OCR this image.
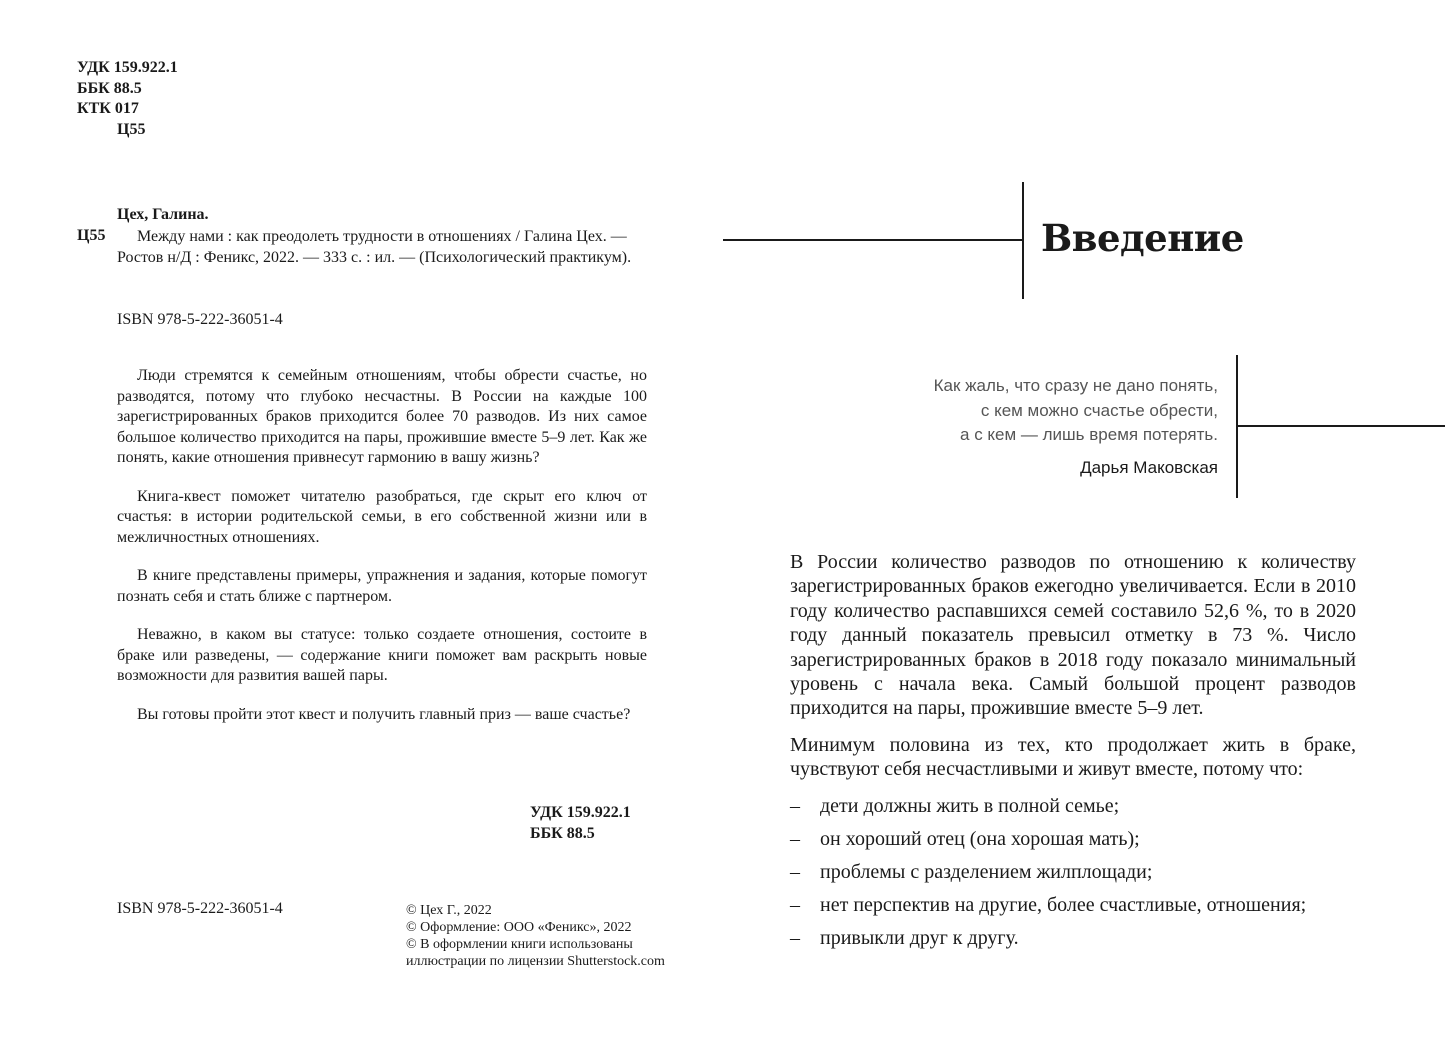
УДК 159.922.1
ББК 88.5
КТК 017
Ц55
Цех, Галина.
Ц55	Между нами : как преодолеть трудности в отношениях / Галина Цех. — Ростов н/Д : Феникс, 2022. — 333 с. : ил. — (Психологический практикум).
ISBN 978-5-222-36051-4

Люди стремятся к семейным отношениям, чтобы обрести счастье, но разводятся, потому что глубоко несчастны. В России на каждые 100 зарегистрированных браков приходится более 70 разводов. Из них самое большое количество приходится на пары, прожившие вместе 5–9 лет. Как же понять, какие отношения привнесут гармонию в вашу жизнь?

Книга-квест поможет читателю разобраться, где скрыт его ключ от счастья: в истории родительской семьи, в его собственной жизни или в межличностных отношениях.

В книге представлены примеры, упражнения и задания, которые помогут познать себя и стать ближе с партнером.

Неважно, в каком вы статусе: только создаете отношения, состоите в браке или разведены, — содержание книги поможет вам раскрыть новые возможности для развития вашей пары.

Вы готовы пройти этот квест и получить главный приз — ваше счастье?

УДК 159.922.1
ББК 88.5
ISBN 978-5-222-36051-4	© Цех Г., 2022
© Оформление: ООО «Феникс», 2022
© В оформлении книги использованы
иллюстрации по лицензии Shutterstock.com
Введение
Как жаль, что сразу не дано понять,
с кем можно счастье обрести,
а с кем — лишь время потерять.
Дарья Маковская

В России количество разводов по отношению к количеству зарегистрированных браков ежегодно увеличивается. Если в 2010 году количество распавшихся семей составило 52,6 %, то в 2020 году данный показатель превысил отметку в 73 %. Число зарегистрированных браков в 2018 году показало минимальный уровень с начала века. Самый большой процент разводов приходится на пары, прожившие вместе 5–9 лет.

Минимум половина из тех, кто продолжает жить в браке, чувствуют себя несчастливыми и живут вместе, потому что:

– дети должны жить в полной семье;
– он хороший отец (она хорошая мать);
– проблемы с разделением жилплощади;
– нет перспектив на другие, более счастливые, отношения;
– привыкли друг к другу.
